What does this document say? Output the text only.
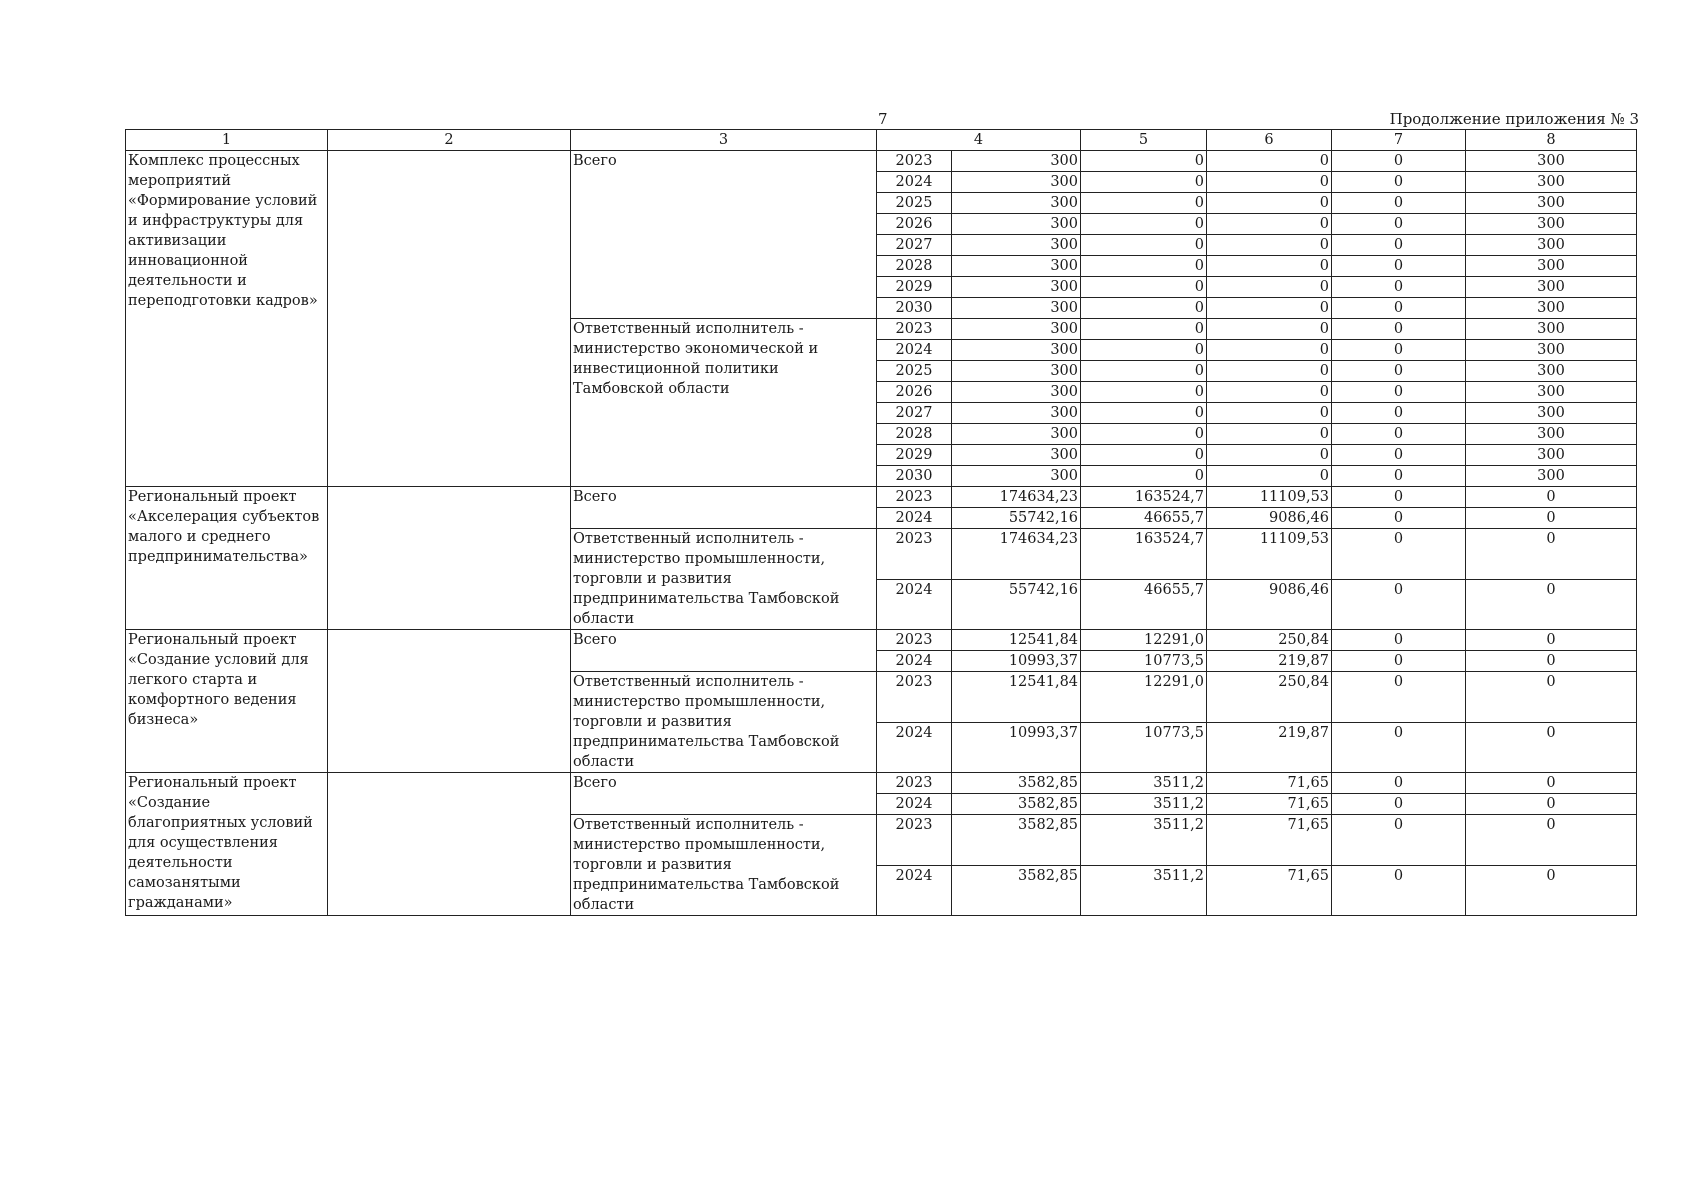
7	Продолжение приложения № 3
1	2	3	4		5	6	7	8
Комплекс процессных мероприятий «Формирование условий и инфраструктуры для активизации инновационной деятельности и переподготовки кадров»		Всего	2023	300	0	0	0	300
			2024	300	0	0	0	300
			2025	300	0	0	0	300
			2026	300	0	0	0	300
			2027	300	0	0	0	300
			2028	300	0	0	0	300
			2029	300	0	0	0	300
			2030	300	0	0	0	300
		Ответственный исполнитель - министерство экономической и инвестиционной политики Тамбовской области	2023	300	0	0	0	300
			2024	300	0	0	0	300
			2025	300	0	0	0	300
			2026	300	0	0	0	300
			2027	300	0	0	0	300
			2028	300	0	0	0	300
			2029	300	0	0	0	300
			2030	300	0	0	0	300
Региональный проект «Акселерация субъектов малого и среднего предпринимательства»		Всего	2023	174634,23	163524,7	11109,53	0	0
			2024	55742,16	46655,7	9086,46	0	0
		Ответственный исполнитель - министерство промышленности, торговли и развития предпринимательства Тамбовской области	2023	174634,23	163524,7	11109,53	0	0
			2024	55742,16	46655,7	9086,46	0	0
Региональный проект «Создание условий для легкого старта и комфортного ведения бизнеса»		Всего	2023	12541,84	12291,0	250,84	0	0
			2024	10993,37	10773,5	219,87	0	0
		Ответственный исполнитель - министерство промышленности, торговли и развития предпринимательства Тамбовской области	2023	12541,84	12291,0	250,84	0	0
			2024	10993,37	10773,5	219,87	0	0
Региональный проект «Создание благоприятных условий для осуществления деятельности самозанятыми гражданами»		Всего	2023	3582,85	3511,2	71,65	0	0
			2024	3582,85	3511,2	71,65	0	0
		Ответственный исполнитель - министерство промышленности, торговли и развития предпринимательства Тамбовской области	2023	3582,85	3511,2	71,65	0	0
			2024	3582,85	3511,2	71,65	0	0
